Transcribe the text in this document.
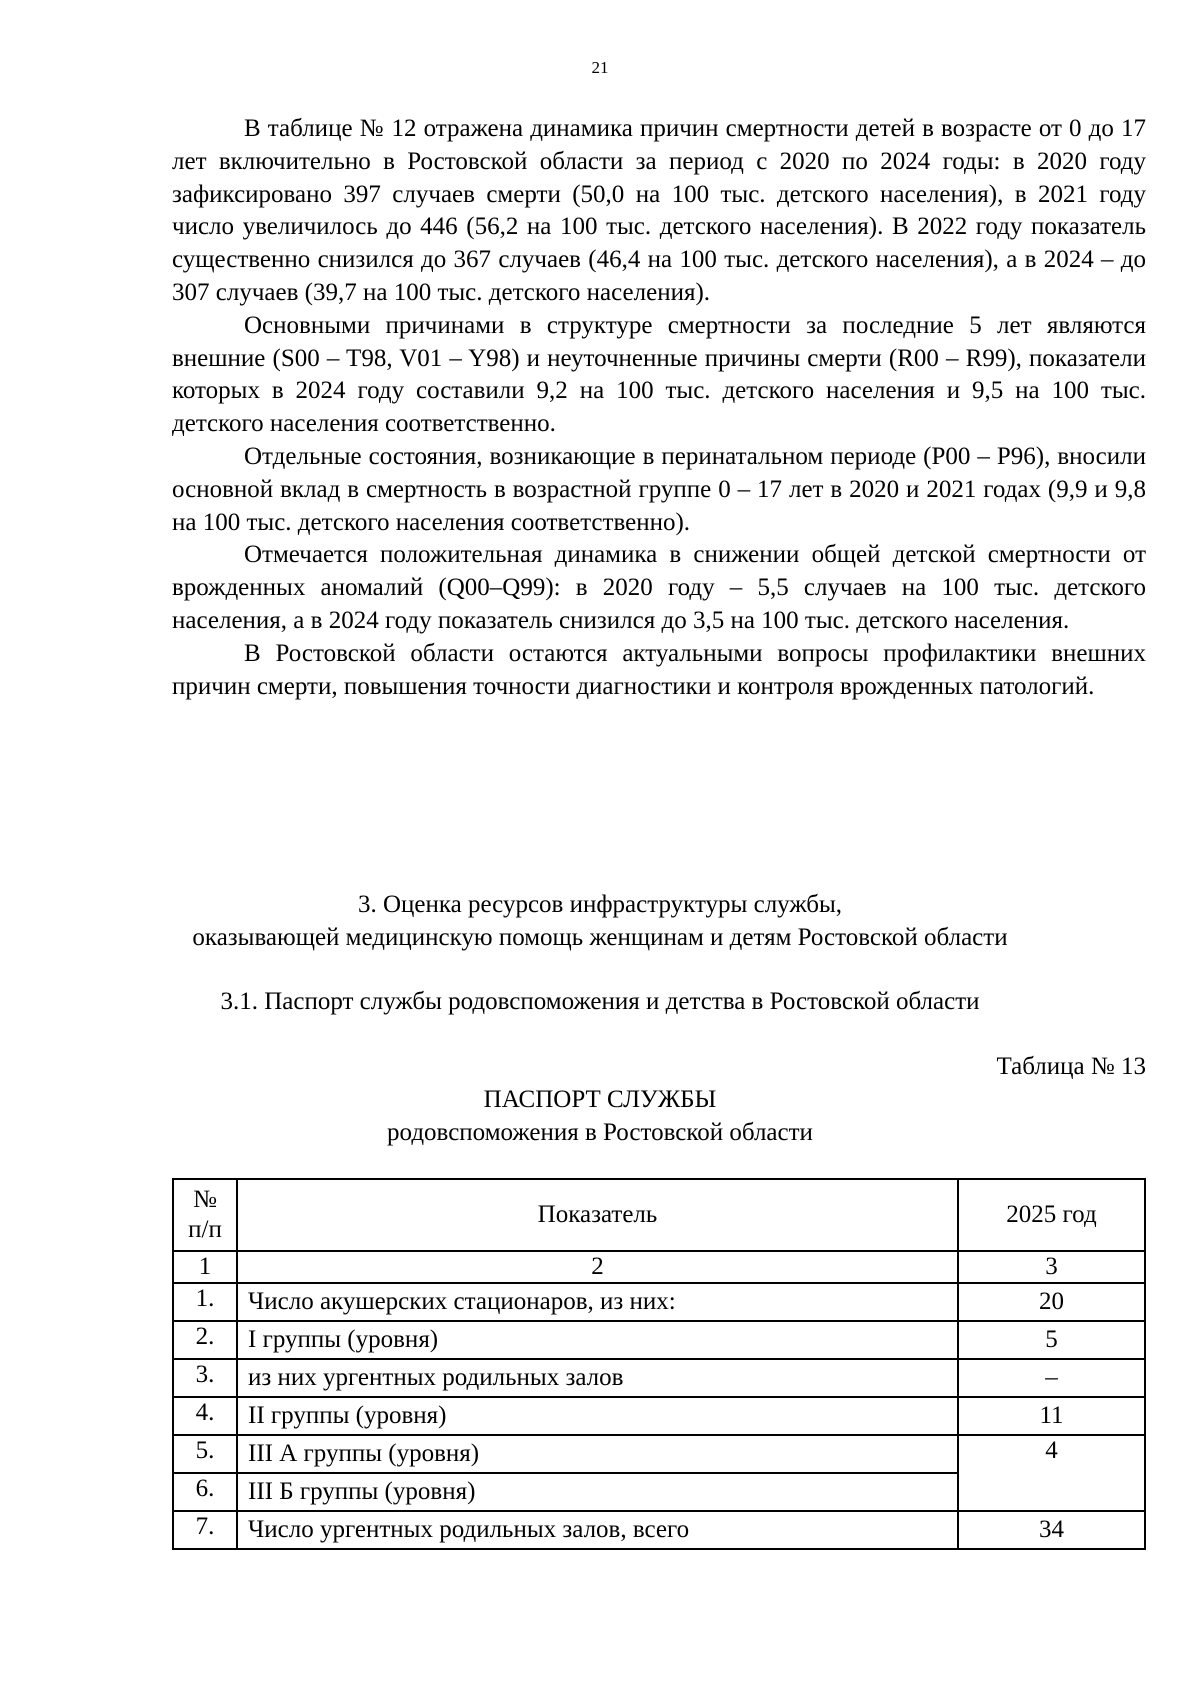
21

В таблице № 12 отражена динамика причин смертности детей в возрасте от 0 до 17 лет включительно в Ростовской области за период с 2020 по 2024 годы: в 2020 году зафиксировано 397 случаев смерти (50,0 на 100 тыс. детского населения), в 2021 году число увеличилось до 446 (56,2 на 100 тыс. детского населения). В 2022 году показатель существенно снизился до 367 случаев (46,4 на 100 тыс. детского населения), а в 2024 – до 307 случаев (39,7 на 100 тыс. детского населения).

Основными причинами в структуре смертности за последние 5 лет являются внешние (S00 – T98, V01 – Y98) и неуточненные причины смерти (R00 – R99), показатели которых в 2024 году составили 9,2 на 100 тыс. детского населения и 9,5 на 100 тыс. детского населения соответственно.

Отдельные состояния, возникающие в перинатальном периоде (P00 – P96), вносили основной вклад в смертность в возрастной группе 0 – 17 лет в 2020 и 2021 годах (9,9 и 9,8 на 100 тыс. детского населения соответственно).

Отмечается положительная динамика в снижении общей детской смертности от врожденных аномалий (Q00–Q99): в 2020 году – 5,5 случаев на 100 тыс. детского населения, а в 2024 году показатель снизился до 3,5 на 100 тыс. детского населения.

В Ростовской области остаются актуальными вопросы профилактики внешних причин смерти, повышения точности диагностики и контроля врожденных патологий.

3. Оценка ресурсов инфраструктуры службы,
оказывающей медицинскую помощь женщинам и детям Ростовской области
3.1. Паспорт службы родовспоможения и детства в Ростовской области
Таблица № 13
ПАСПОРТ СЛУЖБЫ
родовспоможения в Ростовской области
№
п/п	Показатель	2025 год
1	2	3
1.	Число акушерских стационаров, из них:	20
2.	I группы (уровня)	5
3.	из них ургентных родильных залов	–
4.	II группы (уровня)	11
5.	III А группы (уровня)	4
6.	III Б группы (уровня)	
7.	Число ургентных родильных залов, всего	34
